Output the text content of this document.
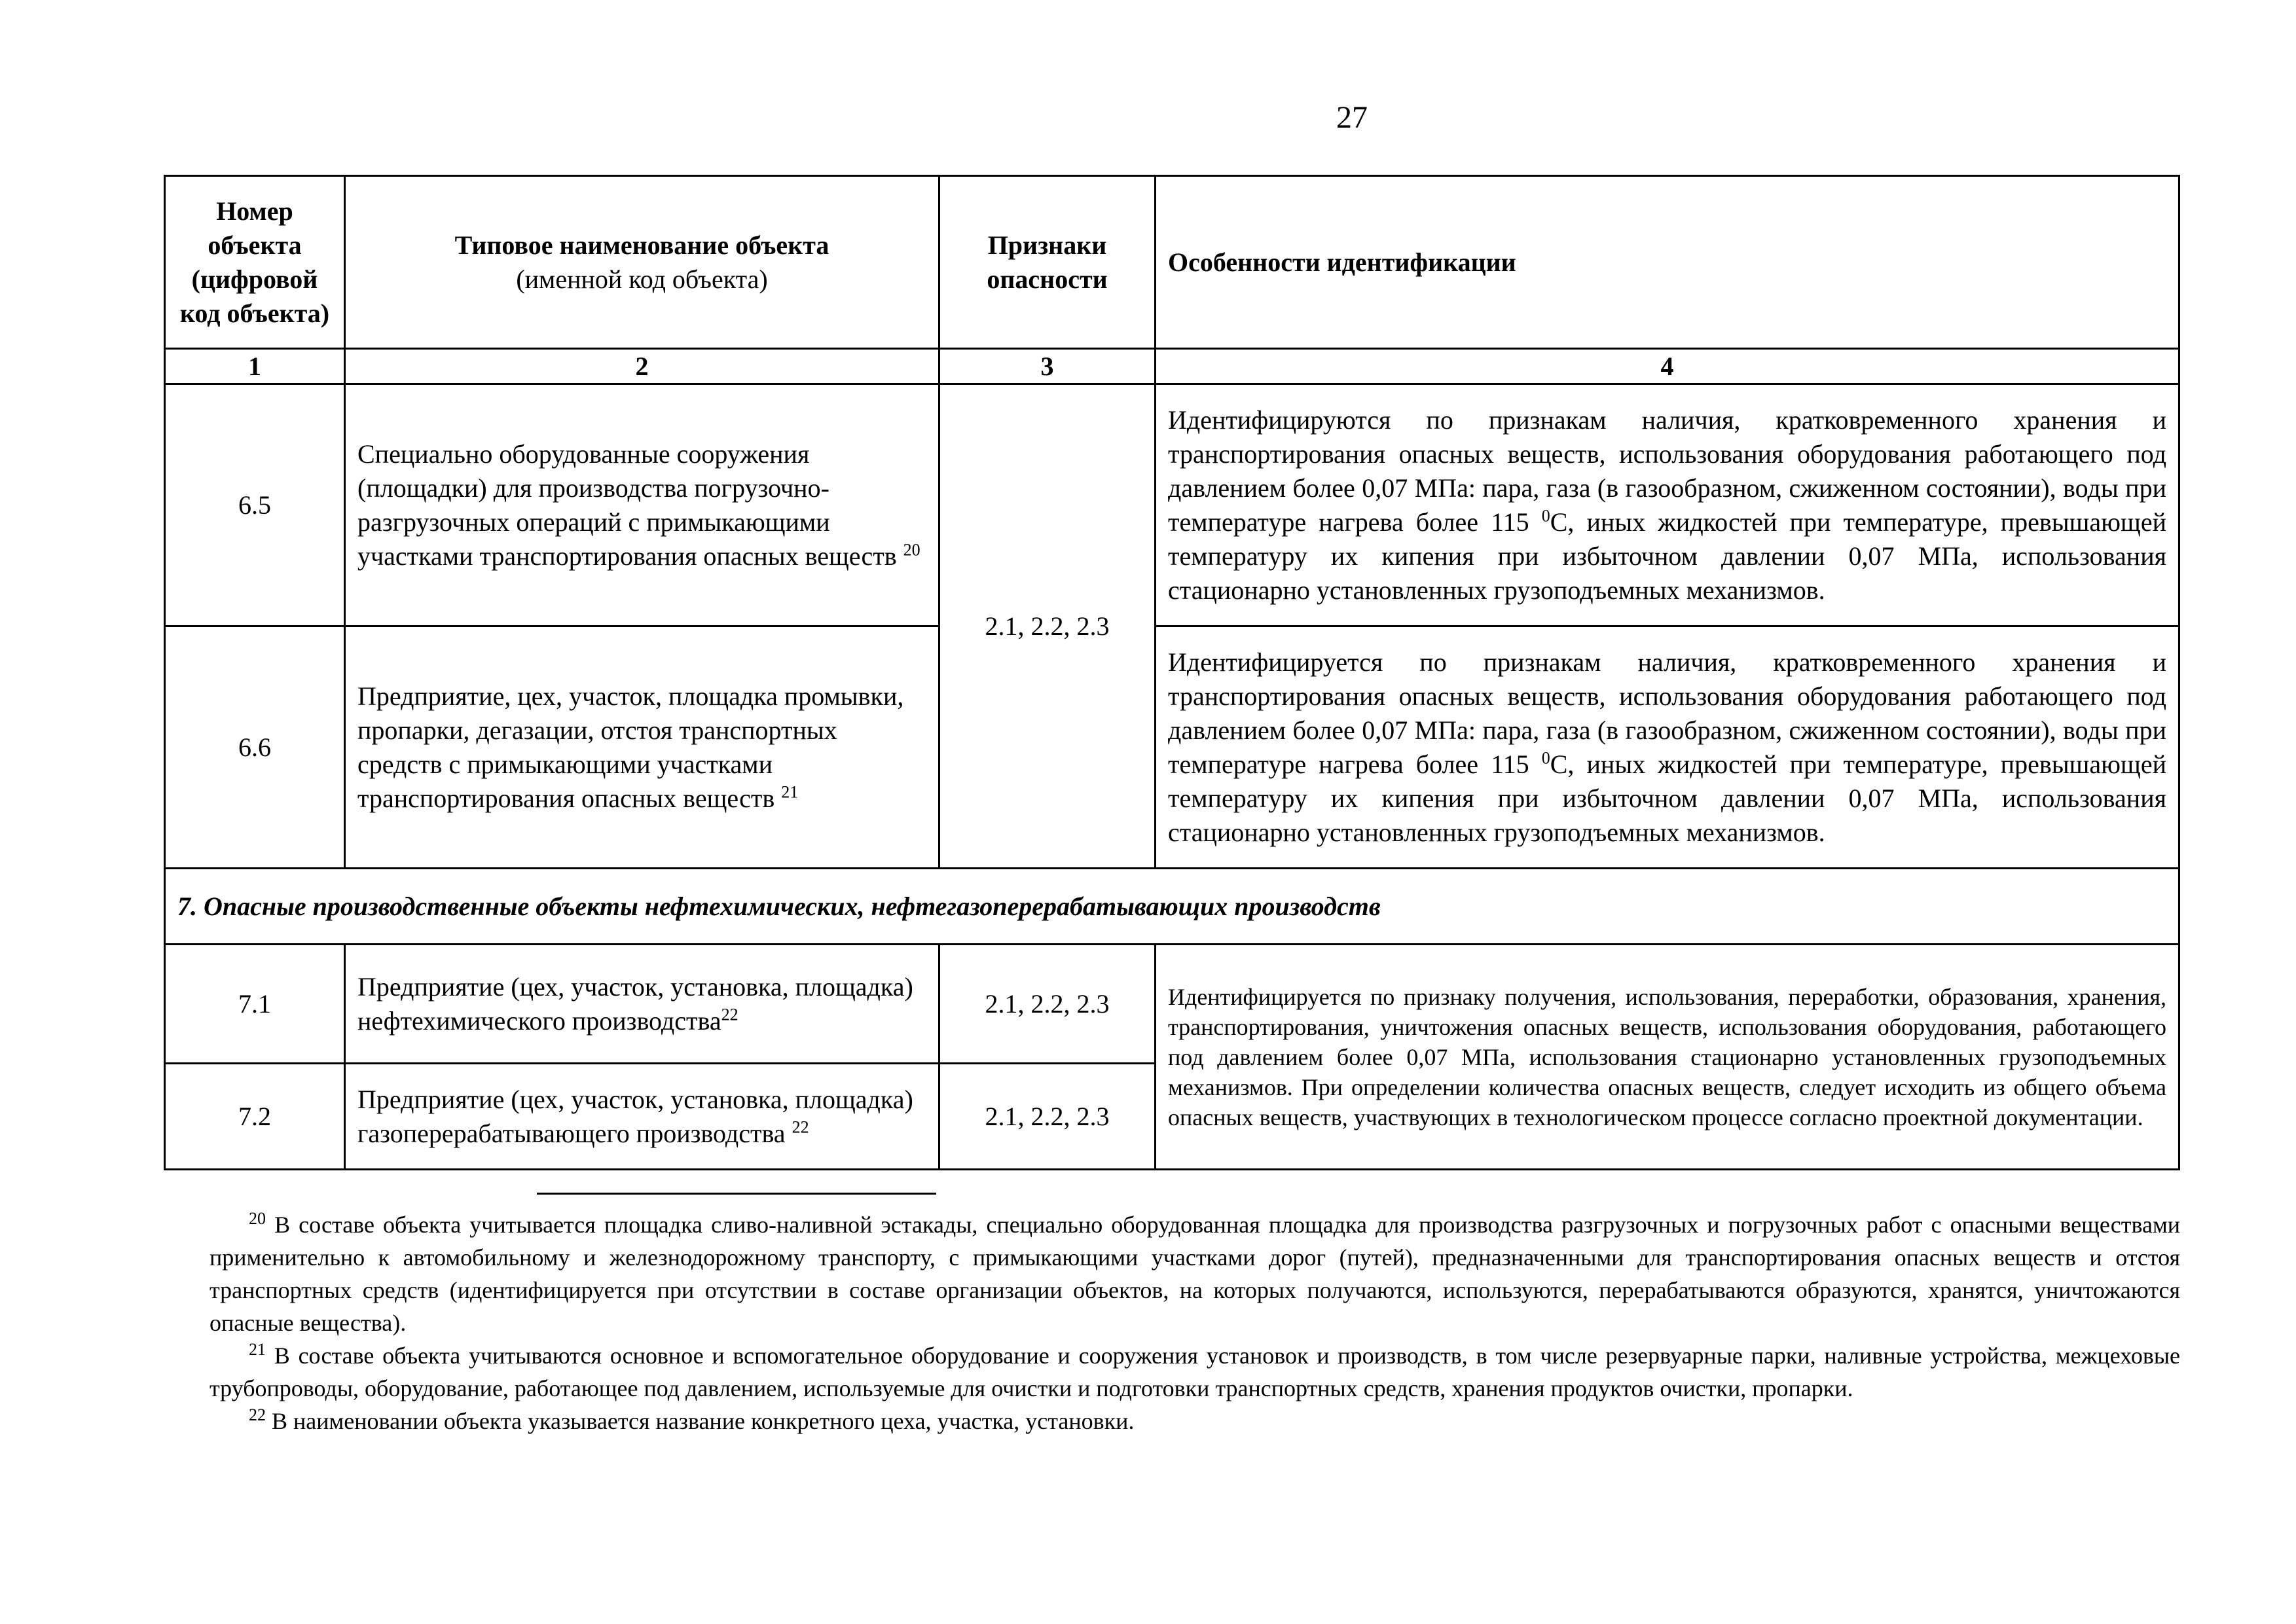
27
Номер объекта (цифровой код объекта)	Типовое наименование объекта
(именной код объекта)	Признаки опасности	Особенности идентификации
1	2	3	4
6.5	Специально оборудованные сооружения (площадки) для производства погрузочно-разгрузочных операций с примыкающими участками транспортирования опасных веществ $^{20}$	2.1, 2.2, 2.3	Идентифицируются по признакам наличия, кратковременного хранения и транспортирования опасных веществ, использования оборудования работающего под давлением более 0,07 МПа: пара, газа (в газообразном, сжиженном состоянии), воды при температуре нагрева более 115 $^0$С, иных жидкостей при температуре, превышающей температуру их кипения при избыточном давлении 0,07 МПа, использования стационарно установленных грузоподъемных механизмов.
6.6	Предприятие, цех, участок, площадка промывки, пропарки, дегазации, отстоя транспортных средств с примыкающими участками транспортирования опасных веществ $^{21}$		Идентифицируется по признакам наличия, кратковременного хранения и транспортирования опасных веществ, использования оборудования работающего под давлением более 0,07 МПа: пара, газа (в газообразном, сжиженном состоянии), воды при температуре нагрева более 115 $^0$С, иных жидкостей при температуре, превышающей температуру их кипения при избыточном давлении 0,07 МПа, использования стационарно установленных грузоподъемных механизмов.
7. Опасные производственные объекты нефтехимических, нефтегазоперерабатывающих производств			
7.1	Предприятие (цех, участок, установка, площадка) нефтехимического производства$^{22}$	2.1, 2.2, 2.3	Идентифицируется по признаку получения, использования, переработки, образования, хранения, транспортирования, уничтожения опасных веществ, использования оборудования, работающего под давлением более 0,07 МПа, использования стационарно установленных грузоподъемных механизмов. При определении количества опасных веществ, следует исходить из общего объема опасных веществ, участвующих в технологическом процессе согласно проектной документации.
7.2	Предприятие (цех, участок, установка, площадка) газоперерабатывающего производства $^{22}$	2.1, 2.2, 2.3	

$^{20}$ В составе объекта учитывается площадка сливо-наливной эстакады, специально оборудованная площадка для производства разгрузочных и погрузочных работ с опасными веществами применительно к автомобильному и железнодорожному транспорту, с примыкающими участками дорог (путей), предназначенными для транспортирования опасных веществ и отстоя транспортных средств (идентифицируется при отсутствии в составе организации объектов, на которых получаются, используются, перерабатываются образуются, хранятся, уничтожаются опасные вещества).

$^{21}$ В составе объекта учитываются основное и вспомогательное оборудование и сооружения установок и производств, в том числе резервуарные парки, наливные устройства, межцеховые трубопроводы, оборудование, работающее под давлением, используемые для очистки и подготовки транспортных средств, хранения продуктов очистки, пропарки.

$^{22}$ В наименовании объекта указывается название конкретного цеха, участка, установки.
